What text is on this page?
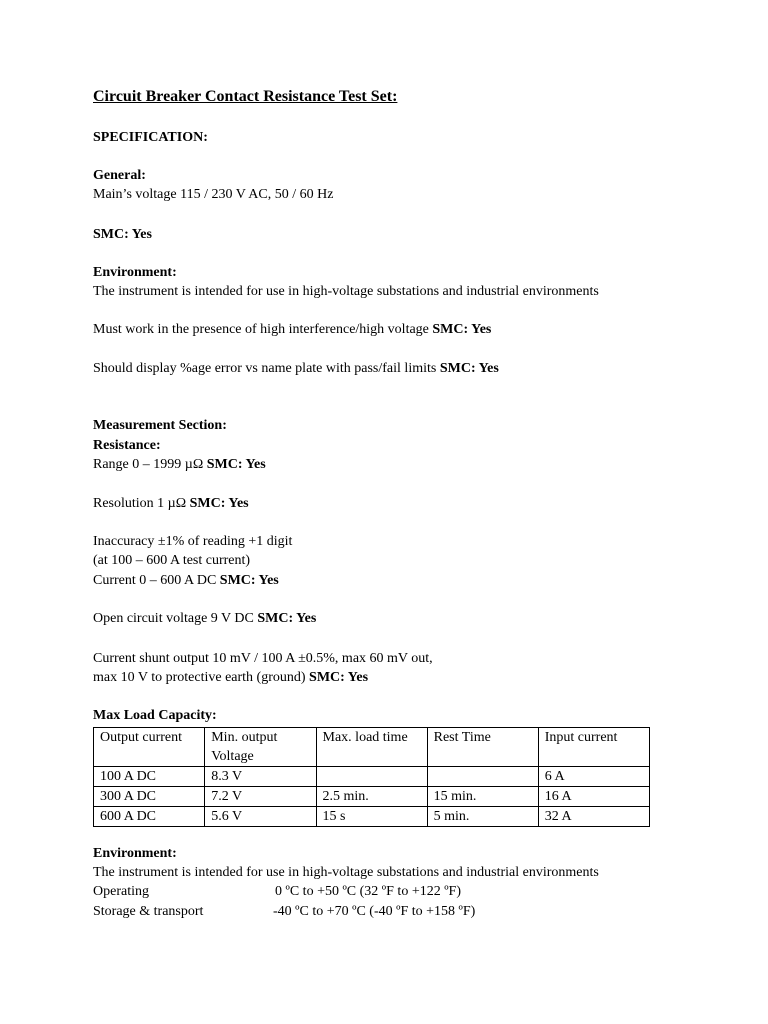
Circuit Breaker Contact Resistance Test Set:
SPECIFICATION:
General:
Main’s voltage 115 / 230 V AC, 50 / 60 Hz
SMC: Yes
Environment:
The instrument is intended for use in high-voltage substations and industrial environments
Must work in the presence of high interference/high voltage SMC: Yes
Should display %age error vs name plate with pass/fail limits SMC: Yes
Measurement Section:
Resistance:
Range 0 – 1999 µΩ SMC: Yes
Resolution 1 µΩ SMC: Yes
Inaccuracy ±1% of reading +1 digit
(at 100 – 600 A test current)
Current 0 – 600 A DC SMC: Yes
Open circuit voltage 9 V DC SMC: Yes
Current shunt output 10 mV / 100 A ±0.5%, max 60 mV out,
max 10 V to protective earth (ground) SMC: Yes
Max Load Capacity:
Output current	Min. output Voltage	Max. load time	Rest Time	Input current
100 A DC	8.3 V			6 A
300 A DC	7.2 V	2.5 min.	15 min.	16 A
600 A DC	5.6 V	15 s	5 min.	32 A
Environment:
The instrument is intended for use in high-voltage substations and industrial environments
Operating	0 ºC to +50 ºC (32 ºF to +122 ºF)
Storage & transport	-40 ºC to +70 ºC (-40 ºF to +158 ºF)
